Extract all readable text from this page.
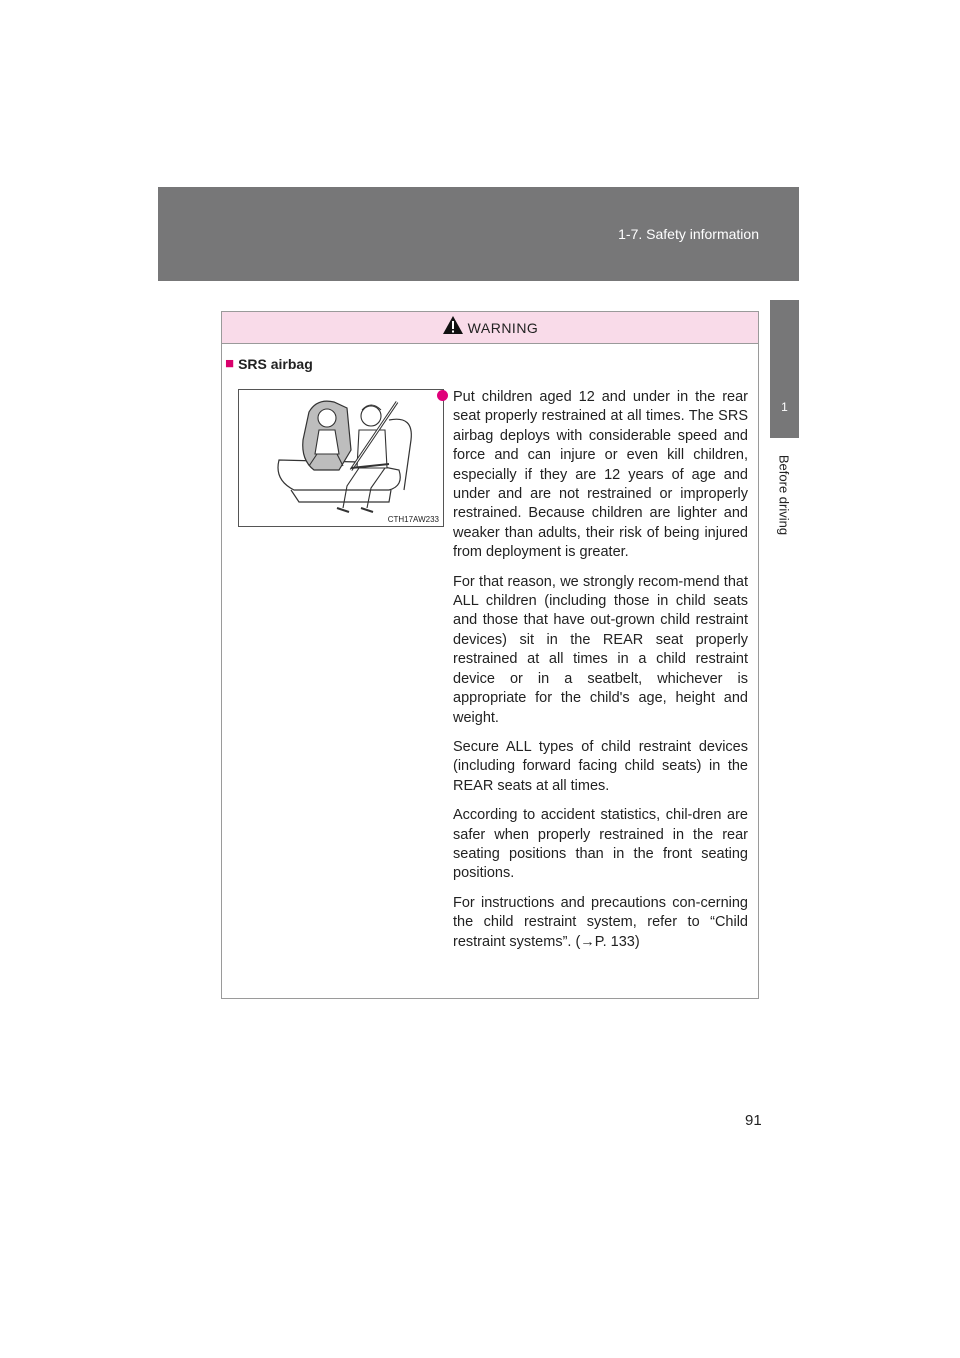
1-7. Safety information
1
Before driving
WARNING
■ SRS airbag
CTH17AW233

Put children aged 12 and under in the rear seat properly restrained at all times. The SRS airbag deploys with considerable speed and force and can injure or even kill children, especially if they are 12 years of age and under and are not restrained or improperly restrained. Because children are lighter and weaker than adults, their risk of being injured from deployment is greater.

For that reason, we strongly recom-mend that ALL children (including those in child seats and those that have out-grown child restraint devices) sit in the REAR seat properly restrained at all times in a child restraint device or in a seatbelt, whichever is appropriate for the child's age, height and weight.

Secure ALL types of child restraint devices (including forward facing child seats) in the REAR seats at all times.

According to accident statistics, chil-dren are safer when properly restrained in the rear seating positions than in the front seating positions.

For instructions and precautions con-cerning the child restraint system, refer to “Child restraint systems”. (→P. 133)

91
